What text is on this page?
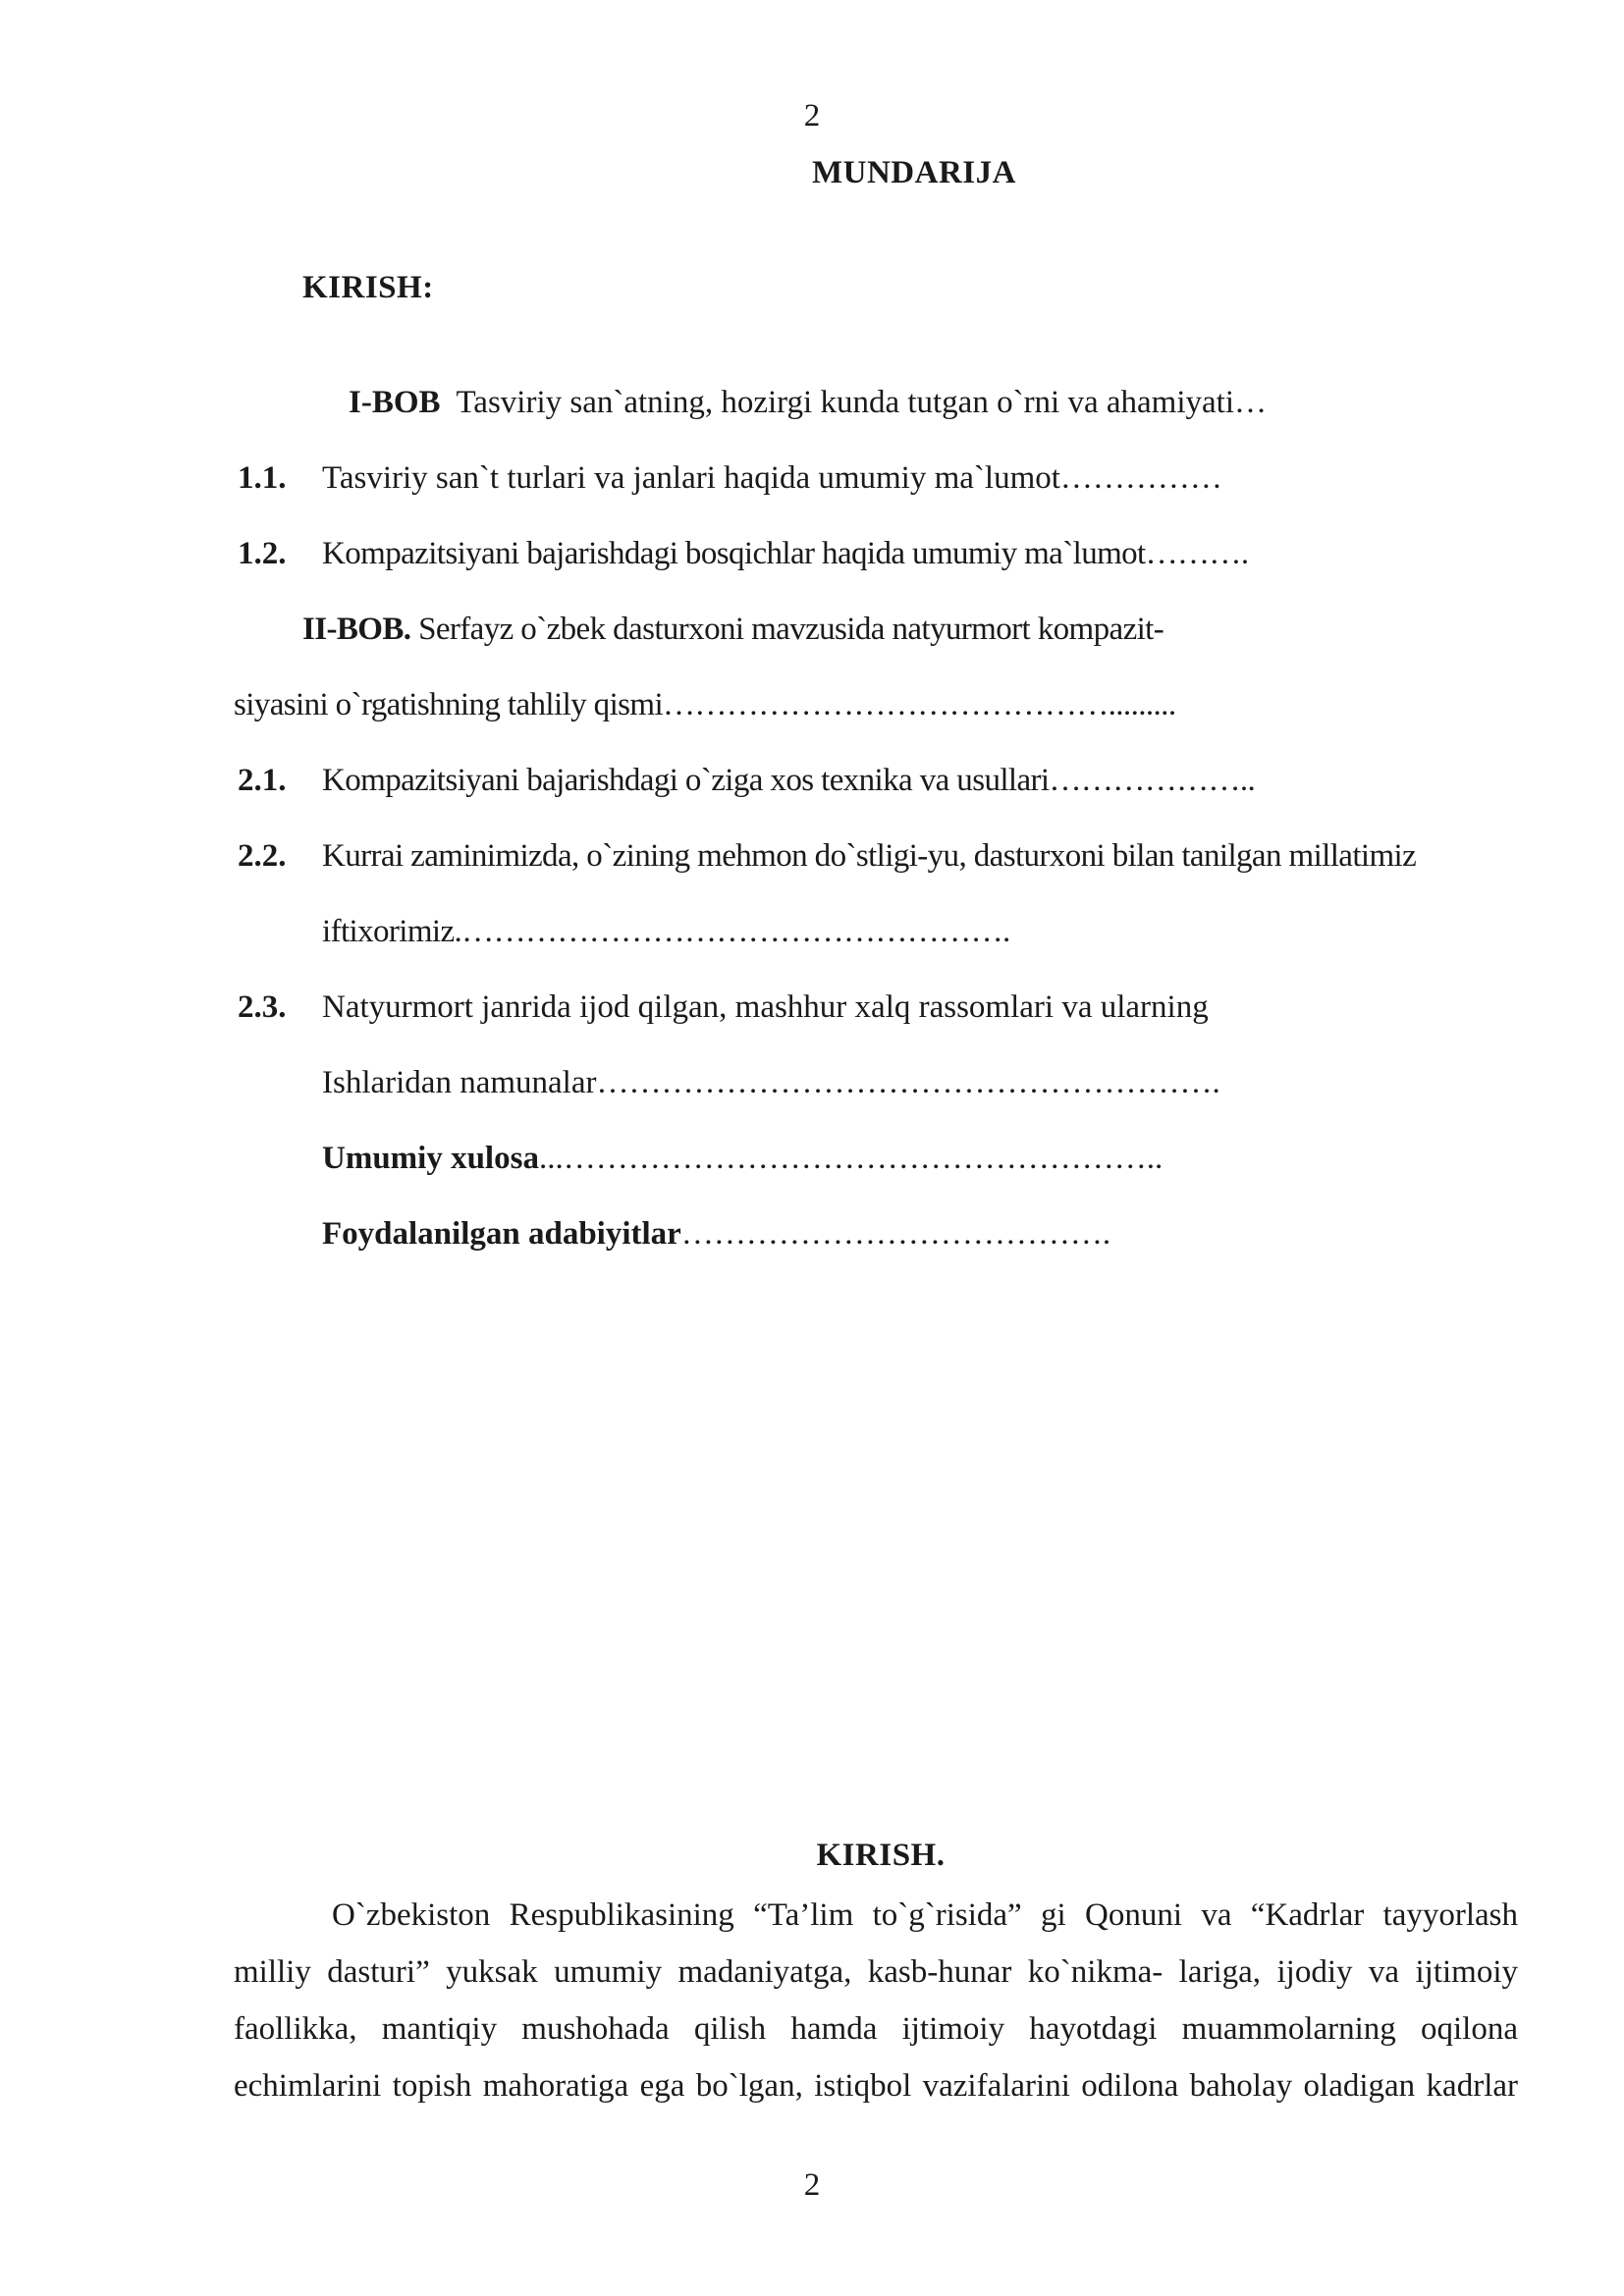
2
MUNDARIJA
KIRISH:
I-BOB Tasviriy san`atning, hozirgi kunda tutgan o`rni va ahamiyati…
1.1. Tasviriy san`t turlari va janlari haqida umumiy ma`lumot……………
1.2. Kompazitsiyani bajarishdagi bosqichlar haqida umumiy ma`lumot……….
II-BOB. Serfayz o`zbek dasturxoni mavzusida natyurmort kompazit-
siyasini o`rgatishning tahlily qismi…………………………………….........
2.1. Kompazitsiyani bajarishdagi o`ziga xos texnika va usullari………………..
2.2. Kurrai zaminimizda, o`zining mehmon do`stligi-yu, dasturxoni bilan tanilgan millatimiz
iftixorimiz.…………………………………………….
2.3. Natyurmort janrida ijod qilgan, mashhur xalq rassomlari va ularning
Ishlaridan namunalar………………………………………………….
Umumiy xulosa...………………………………………………..
Foydalanilgan adabiyitlar………………………………….
KIRISH.
O`zbekiston Respublikasining “Ta’lim to`g`risida” gi Qonuni va “Kadrlar tayyorlash
milliy dasturi” yuksak umumiy madaniyatga, kasb-hunar ko`nikma- lariga, ijodiy va ijtimoiy
faollikka, mantiqiy mushohada qilish hamda ijtimoiy hayotdagi muammolarning oqilona
echimlarini topish mahoratiga ega bo`lgan, istiqbol vazifalarini odilona baholay oladigan kadrlar
2
